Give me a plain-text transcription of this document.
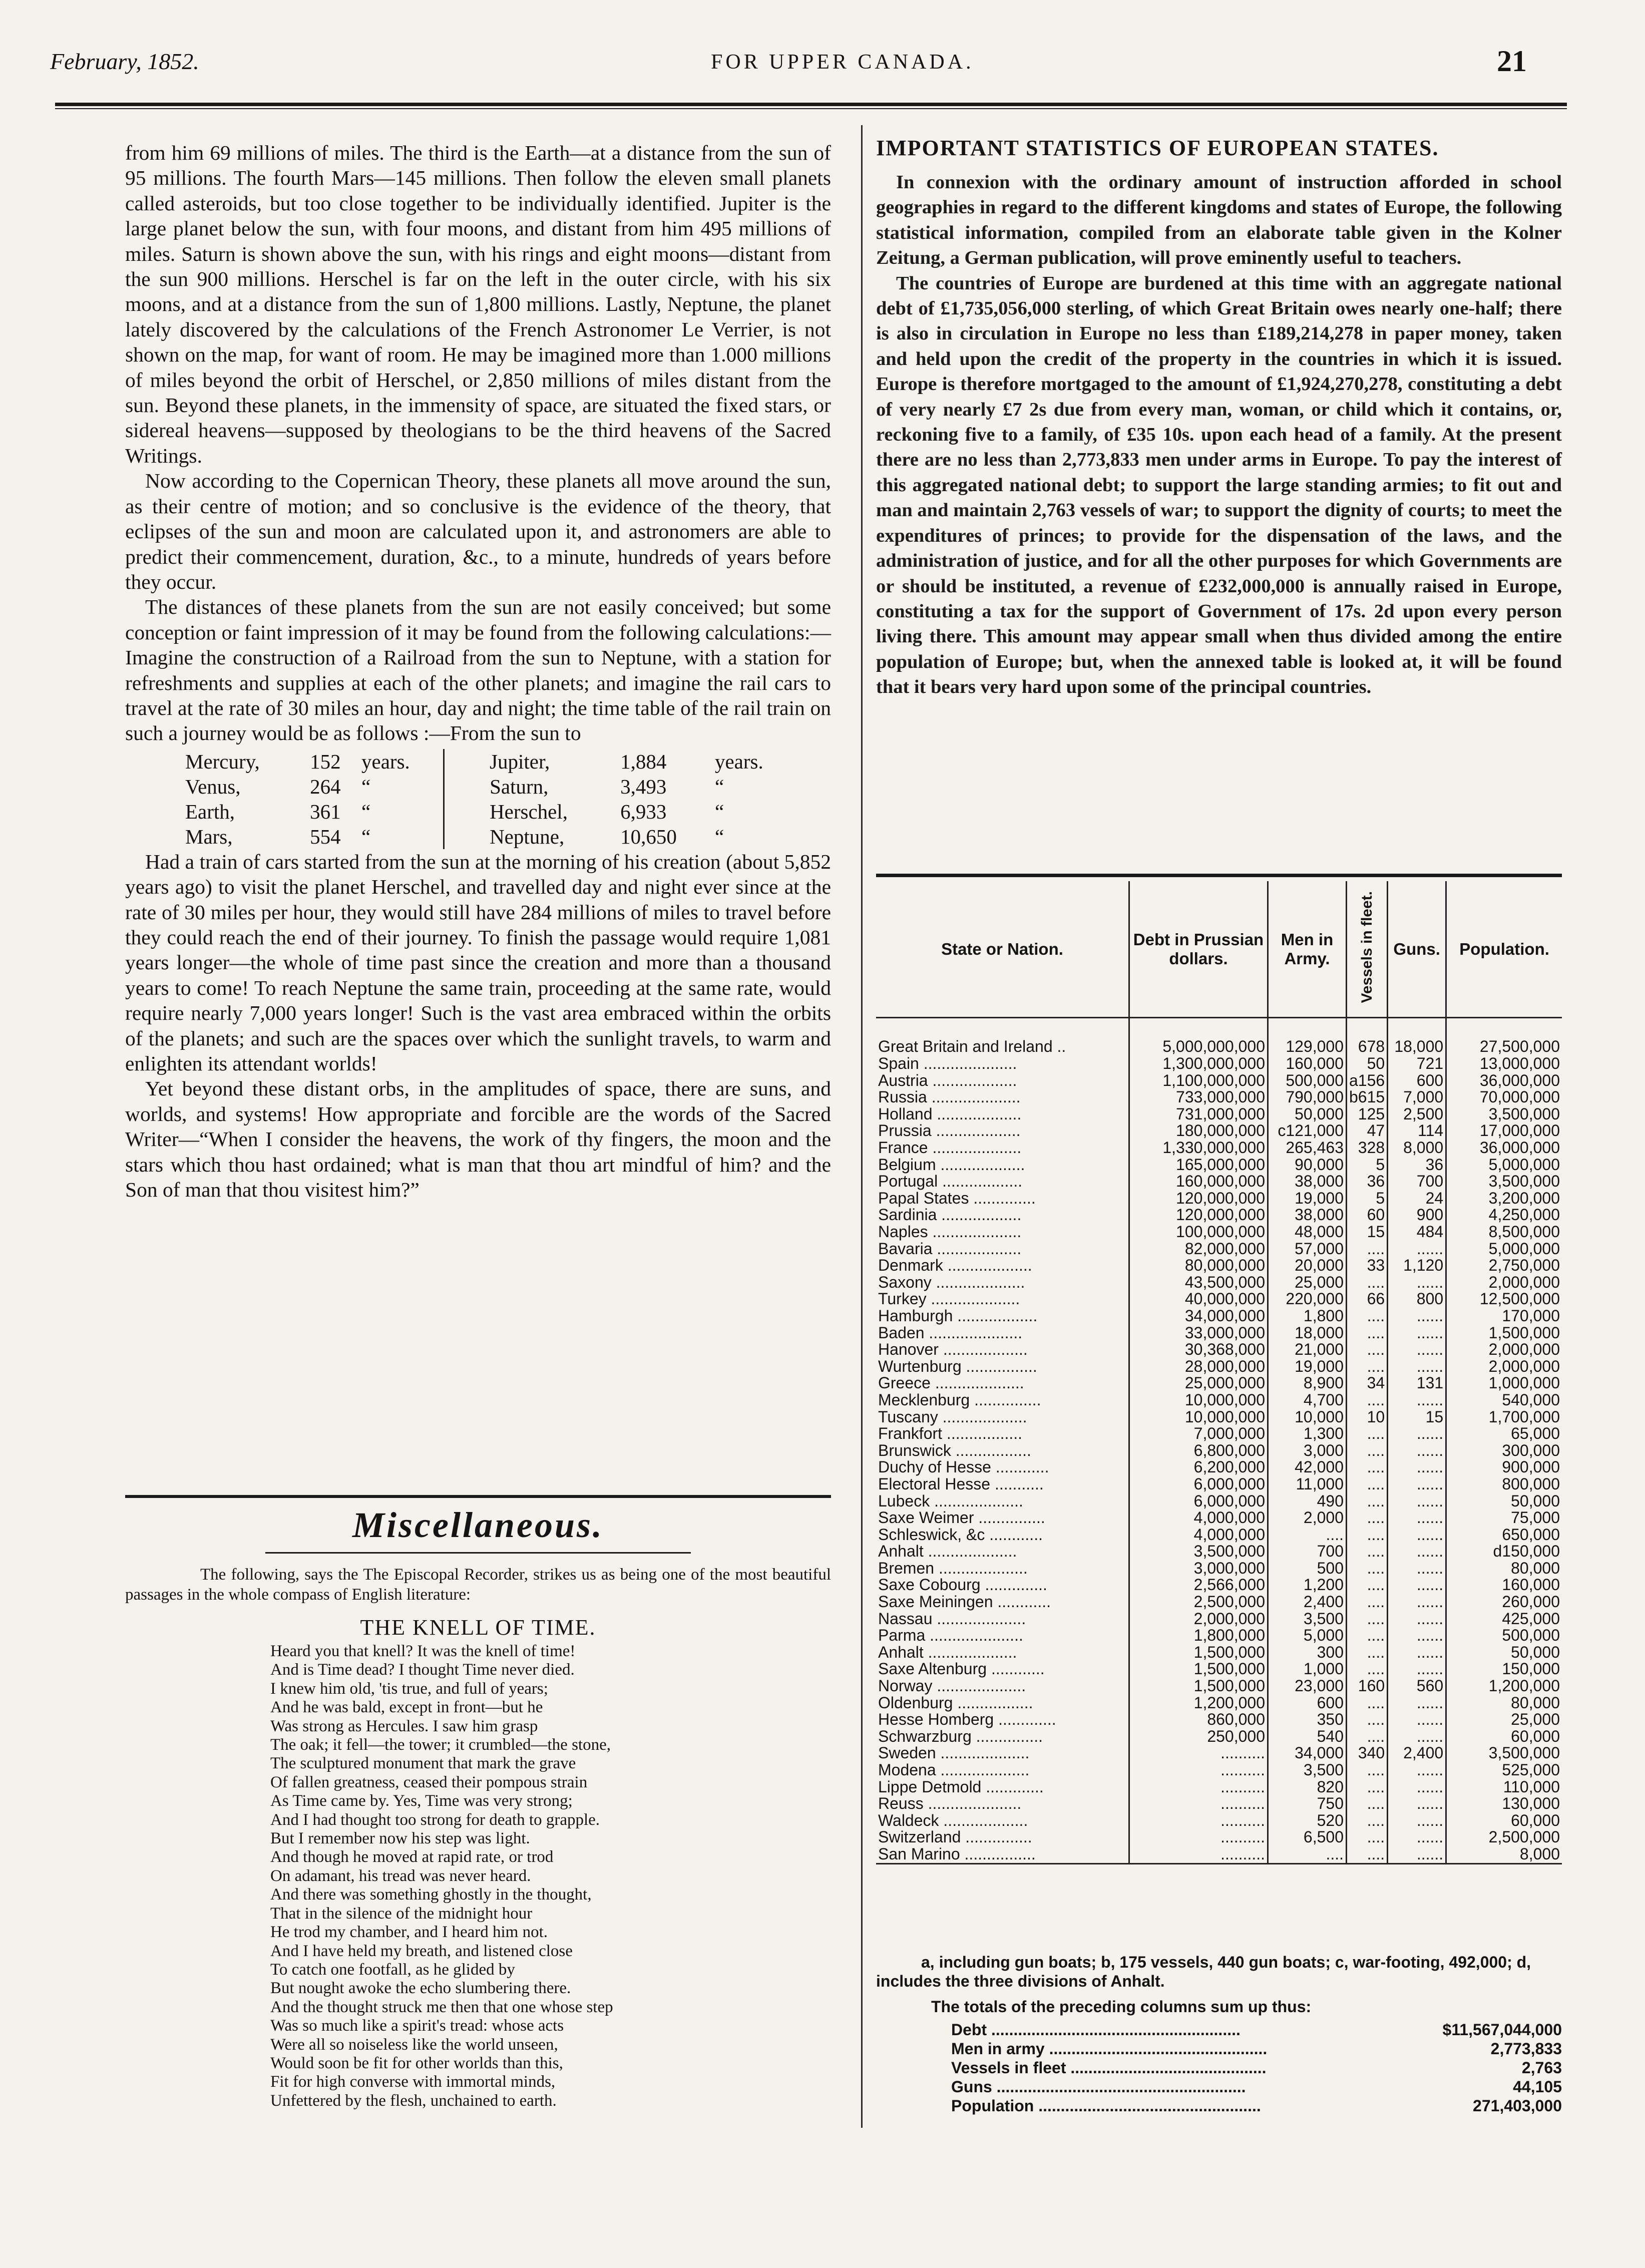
February, 1852.	FOR UPPER CANADA.	21

from him 69 millions of miles. The third is the Earth—at a distance from the sun of 95 millions. The fourth Mars—145 millions. Then follow the eleven small planets called asteroids, but too close together to be individually identified. Jupiter is the large planet below the sun, with four moons, and distant from him 495 millions of miles. Saturn is shown above the sun, with his rings and eight moons—distant from the sun 900 millions. Herschel is far on the left in the outer circle, with his six moons, and at a distance from the sun of 1,800 millions. Lastly, Neptune, the planet lately discovered by the calculations of the French Astronomer Le Verrier, is not shown on the map, for want of room. He may be imagined more than 1.000 millions of miles beyond the orbit of Herschel, or 2,850 millions of miles distant from the sun. Beyond these planets, in the immensity of space, are situated the fixed stars, or sidereal heavens—supposed by theologians to be the third heavens of the Sacred Writings.

Now according to the Copernican Theory, these planets all move around the sun, as their centre of motion; and so conclusive is the evidence of the theory, that eclipses of the sun and moon are calculated upon it, and astronomers are able to predict their commencement, duration, &c., to a minute, hundreds of years before they occur.

The distances of these planets from the sun are not easily conceived; but some conception or faint impression of it may be found from the following calculations:—Imagine the construction of a Railroad from the sun to Neptune, with a station for refreshments and supplies at each of the other planets; and imagine the rail cars to travel at the rate of 30 miles an hour, day and night; the time table of the rail train on such a journey would be as follows :—From the sun to

Mercury,	152	years.		Jupiter,	1,884	years.
Venus,	264	“		Saturn,	3,493	“
Earth,	361	“		Herschel,	6,933	“
Mars,	554	“		Neptune,	10,650	“

Had a train of cars started from the sun at the morning of his creation (about 5,852 years ago) to visit the planet Herschel, and travelled day and night ever since at the rate of 30 miles per hour, they would still have 284 millions of miles to travel before they could reach the end of their journey. To finish the passage would require 1,081 years longer—the whole of time past since the creation and more than a thousand years to come! To reach Neptune the same train, proceeding at the same rate, would require nearly 7,000 years longer! Such is the vast area embraced within the orbits of the planets; and such are the spaces over which the sunlight travels, to warm and enlighten its attendant worlds!

Yet beyond these distant orbs, in the amplitudes of space, there are suns, and worlds, and systems! How appropriate and forcible are the words of the Sacred Writer—“When I consider the heavens, the work of thy fingers, the moon and the stars which thou hast ordained; what is man that thou art mindful of him? and the Son of man that thou visitest him?”

Miscellaneous.
The following, says the The Episcopal Recorder, strikes us as being one of the most beautiful passages in the whole compass of English literature:
THE KNELL OF TIME.
Heard you that knell? It was the knell of time!
And is Time dead? I thought Time never died.
I knew him old, 'tis true, and full of years;
And he was bald, except in front—but he
Was strong as Hercules. I saw him grasp
The oak; it fell—the tower; it crumbled—the stone,
The sculptured monument that mark the grave
Of fallen greatness, ceased their pompous strain
As Time came by. Yes, Time was very strong;
And I had thought too strong for death to grapple.
But I remember now his step was light.
And though he moved at rapid rate, or trod
On adamant, his tread was never heard.
And there was something ghostly in the thought,
That in the silence of the midnight hour
He trod my chamber, and I heard him not.
And I have held my breath, and listened close
To catch one footfall, as he glided by
But nought awoke the echo slumbering there.
And the thought struck me then that one whose step
Was so much like a spirit's tread: whose acts
Were all so noiseless like the world unseen,
Would soon be fit for other worlds than this,
Fit for high converse with immortal minds,
Unfettered by the flesh, unchained to earth.
IMPORTANT STATISTICS OF EUROPEAN STATES.

In connexion with the ordinary amount of instruction afforded in school geographies in regard to the different kingdoms and states of Europe, the following statistical information, compiled from an elaborate table given in the Kolner Zeitung, a German publication, will prove eminently useful to teachers.

The countries of Europe are burdened at this time with an aggregate national debt of £1,735,056,000 sterling, of which Great Britain owes nearly one-half; there is also in circulation in Europe no less than £189,214,278 in paper money, taken and held upon the credit of the property in the countries in which it is issued. Europe is therefore mortgaged to the amount of £1,924,270,278, constituting a debt of very nearly £7 2s due from every man, woman, or child which it contains, or, reckoning five to a family, of £35 10s. upon each head of a family. At the present there are no less than 2,773,833 men under arms in Europe. To pay the interest of this aggregated national debt; to support the large standing armies; to fit out and man and maintain 2,763 vessels of war; to support the dignity of courts; to meet the expenditures of princes; to provide for the dispensation of the laws, and the administration of justice, and for all the other purposes for which Governments are or should be instituted, a revenue of £232,000,000 is annually raised in Europe, constituting a tax for the support of Government of 17s. 2d upon every person living there. This amount may appear small when thus divided among the entire population of Europe; but, when the annexed table is looked at, it will be found that it bears very hard upon some of the principal countries.

State or Nation.	Debt in Prussian dollars.	Men in Army.	Vessels in fleet.	Guns.	Population.
Great Britain and Ireland ..	5,000,000,000	129,000	678	18,000	27,500,000
Spain .....................	1,300,000,000	160,000	50	721	13,000,000
Austria ...................	1,100,000,000	500,000	a156	600	36,000,000
Russia ....................	733,000,000	790,000	b615	7,000	70,000,000
Holland ...................	731,000,000	50,000	125	2,500	3,500,000
Prussia ...................	180,000,000	c121,000	47	114	17,000,000
France ....................	1,330,000,000	265,463	328	8,000	36,000,000
Belgium ...................	165,000,000	90,000	5	36	5,000,000
Portugal ..................	160,000,000	38,000	36	700	3,500,000
Papal States ..............	120,000,000	19,000	5	24	3,200,000
Sardinia ..................	120,000,000	38,000	60	900	4,250,000
Naples ....................	100,000,000	48,000	15	484	8,500,000
Bavaria ...................	82,000,000	57,000	....	......	5,000,000
Denmark ...................	80,000,000	20,000	33	1,120	2,750,000
Saxony ....................	43,500,000	25,000	....	......	2,000,000
Turkey ....................	40,000,000	220,000	66	800	12,500,000
Hamburgh ..................	34,000,000	1,800	....	......	170,000
Baden .....................	33,000,000	18,000	....	......	1,500,000
Hanover ...................	30,368,000	21,000	....	......	2,000,000
Wurtenburg ................	28,000,000	19,000	....	......	2,000,000
Greece ....................	25,000,000	8,900	34	131	1,000,000
Mecklenburg ...............	10,000,000	4,700	....	......	540,000
Tuscany ...................	10,000,000	10,000	10	15	1,700,000
Frankfort .................	7,000,000	1,300	....	......	65,000
Brunswick .................	6,800,000	3,000	....	......	300,000
Duchy of Hesse ............	6,200,000	42,000	....	......	900,000
Electoral Hesse ...........	6,000,000	11,000	....	......	800,000
Lubeck ....................	6,000,000	490	....	......	50,000
Saxe Weimer ...............	4,000,000	2,000	....	......	75,000
Schleswick, &c ............	4,000,000	....	....	......	650,000
Anhalt ....................	3,500,000	700	....	......	d150,000
Bremen ....................	3,000,000	500	....	......	80,000
Saxe Cobourg ..............	2,566,000	1,200	....	......	160,000
Saxe Meiningen ............	2,500,000	2,400	....	......	260,000
Nassau ....................	2,000,000	3,500	....	......	425,000
Parma .....................	1,800,000	5,000	....	......	500,000
Anhalt ....................	1,500,000	300	....	......	50,000
Saxe Altenburg ............	1,500,000	1,000	....	......	150,000
Norway ....................	1,500,000	23,000	160	560	1,200,000
Oldenburg .................	1,200,000	600	....	......	80,000
Hesse Homberg .............	860,000	350	....	......	25,000
Schwarzburg ...............	250,000	540	....	......	60,000
Sweden ....................	..........	34,000	340	2,400	3,500,000
Modena ....................	..........	3,500	....	......	525,000
Lippe Detmold .............	..........	820	....	......	110,000
Reuss .....................	..........	750	....	......	130,000
Waldeck ...................	..........	520	....	......	60,000
Switzerland ...............	..........	6,500	....	......	2,500,000
San Marino ................	..........	....	....	......	8,000
a, including gun boats; b, 175 vessels, 440 gun boats; c, war-footing, 492,000; d, includes the three divisions of Anhalt.
The totals of the preceding columns sum up thus:
Debt ........................................................	$11,567,044,000
Men in army .................................................	2,773,833
Vessels in fleet ............................................	2,763
Guns ........................................................	44,105
Population ..................................................	271,403,000
